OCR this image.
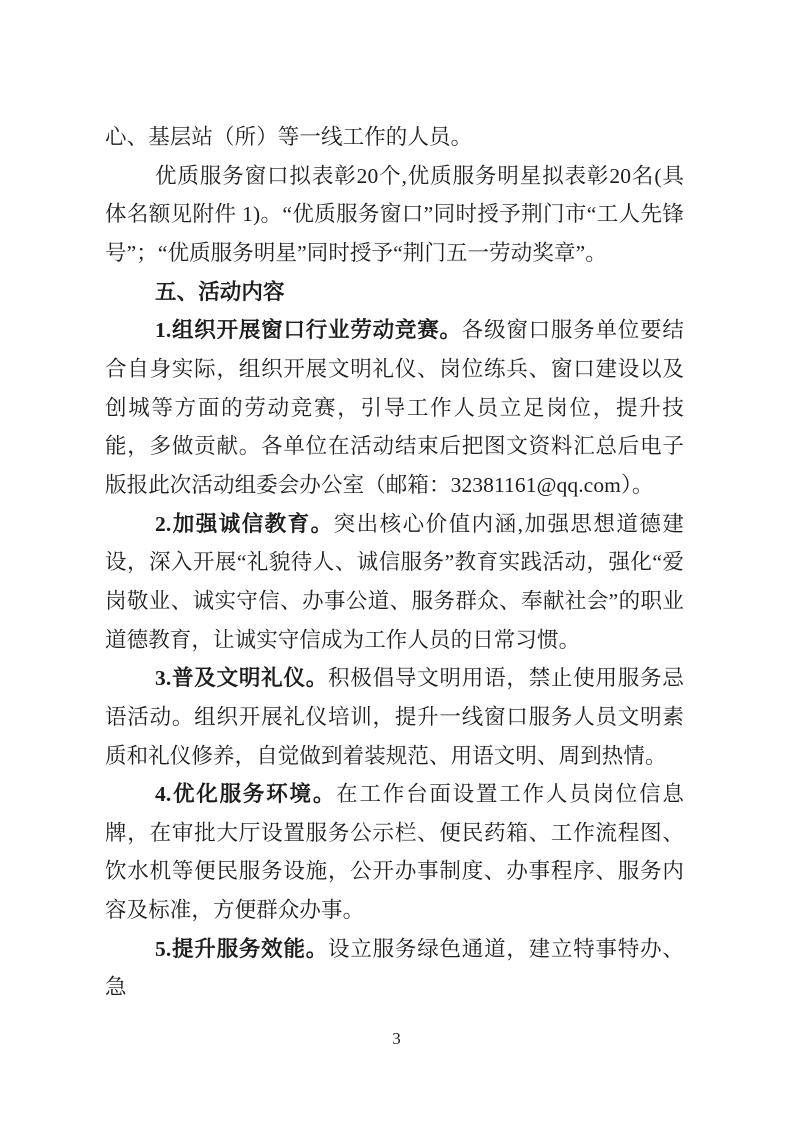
心、基层站（所）等一线工作的人员。

优质服务窗口拟表彰20个,优质服务明星拟表彰20名(具体名额见附件 1)。“优质服务窗口”同时授予荆门市“工人先锋号”；“优质服务明星”同时授予“荆门五一劳动奖章”。

五、活动内容

1.组织开展窗口行业劳动竞赛。各级窗口服务单位要结合自身实际，组织开展文明礼仪、岗位练兵、窗口建设以及创城等方面的劳动竞赛，引导工作人员立足岗位，提升技能，多做贡献。各单位在活动结束后把图文资料汇总后电子版报此次活动组委会办公室（邮箱：32381161@qq.com）。

2.加强诚信教育。突出核心价值内涵,加强思想道德建设，深入开展“礼貌待人、诚信服务”教育实践活动，强化“爱岗敬业、诚实守信、办事公道、服务群众、奉献社会”的职业道德教育，让诚实守信成为工作人员的日常习惯。

3.普及文明礼仪。积极倡导文明用语，禁止使用服务忌语活动。组织开展礼仪培训，提升一线窗口服务人员文明素质和礼仪修养，自觉做到着装规范、用语文明、周到热情。

4.优化服务环境。在工作台面设置工作人员岗位信息牌，在审批大厅设置服务公示栏、便民药箱、工作流程图、饮水机等便民服务设施，公开办事制度、办事程序、服务内容及标准，方便群众办事。

5.提升服务效能。设立服务绿色通道，建立特事特办、急

3
